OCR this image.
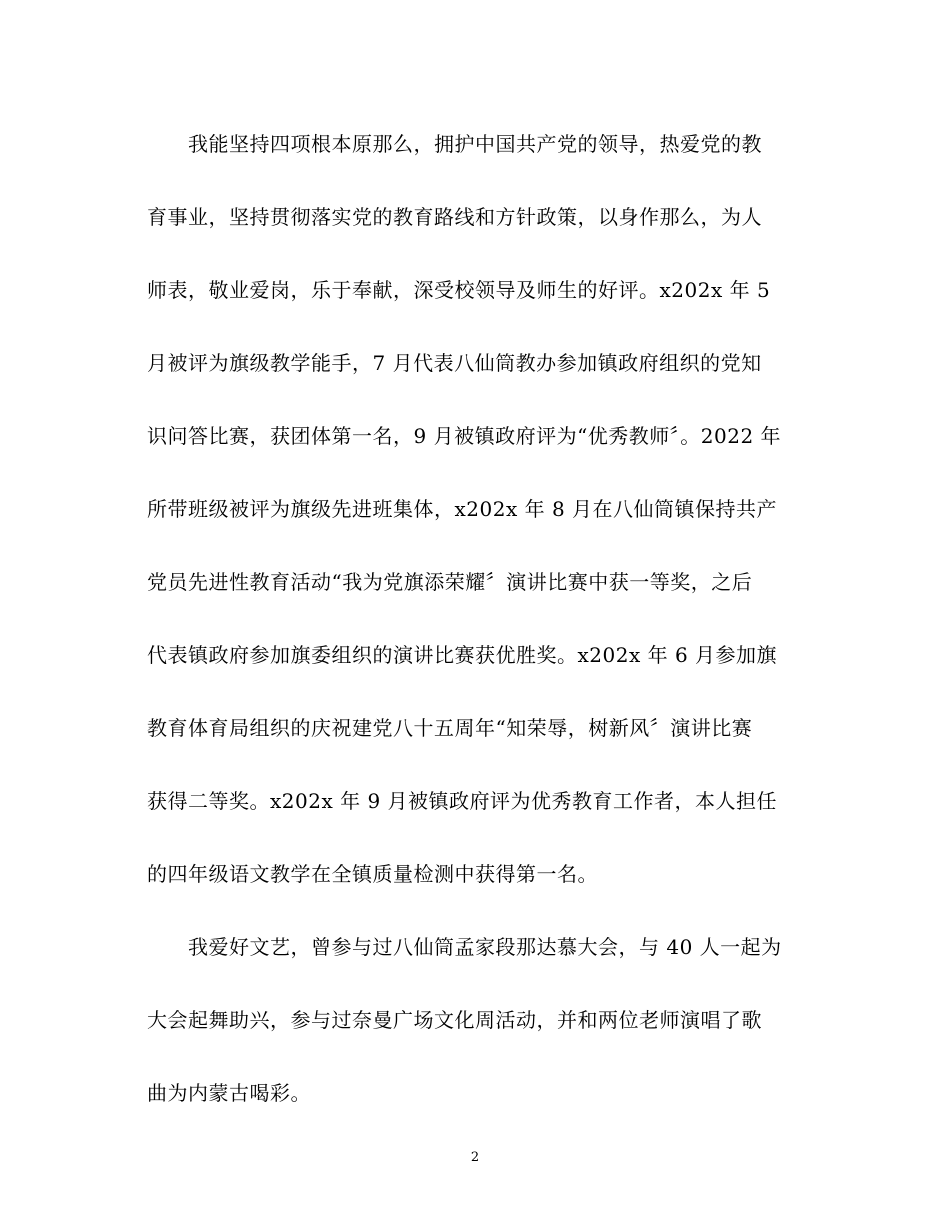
我能坚持四项根本原那么，拥护中国共产党的领导，热爱党的教
育事业，坚持贯彻落实党的教育路线和方针政策，以身作那么，为人
师表，敬业爱岗，乐于奉献，深受校领导及师生的好评。x202x 年 5
月被评为旗级教学能手，7 月代表八仙筒教办参加镇政府组织的党知
识问答比赛，获团体第一名，9 月被镇政府评为“优秀教师〞。2022 年
所带班级被评为旗级先进班集体，x202x 年 8 月在八仙筒镇保持共产
党员先进性教育活动“我为党旗添荣耀〞演讲比赛中获一等奖，之后
代表镇政府参加旗委组织的演讲比赛获优胜奖。x202x 年 6 月参加旗
教育体育局组织的庆祝建党八十五周年“知荣辱，树新风〞演讲比赛
获得二等奖。x202x 年 9 月被镇政府评为优秀教育工作者，本人担任
的四年级语文教学在全镇质量检测中获得第一名。
我爱好文艺，曾参与过八仙筒孟家段那达慕大会，与 40 人一起为
大会起舞助兴，参与过奈曼广场文化周活动，并和两位老师演唱了歌
曲为内蒙古喝彩。
2
